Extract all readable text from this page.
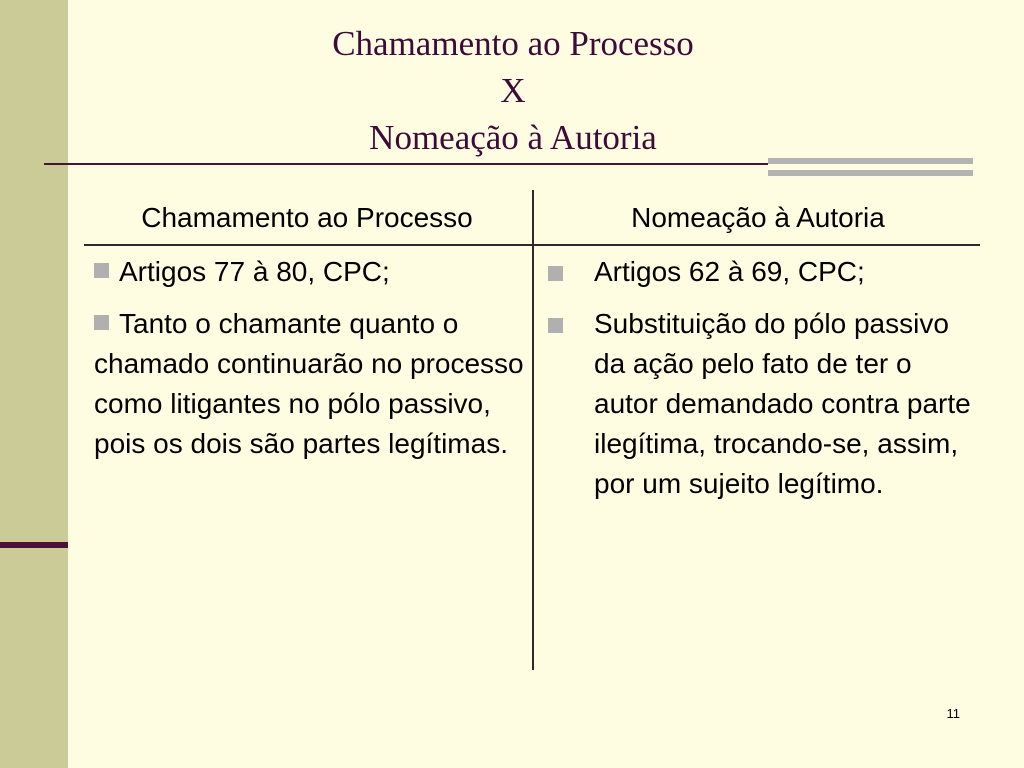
Chamamento ao Processo
X
Nomeação à Autoria
Chamamento ao Processo	Nomeação à Autoria

Artigos 77 à 80, CPC;

Tanto o chamante quanto o chamado continuarão no processo como litigantes no pólo passivo, pois os dois são partes legítimas.

Artigos 62 à 69, CPC;
Substituição do pólo passivo da ação pelo fato de ter o autor demandado contra parte ilegítima, trocando-se, assim, por um sujeito legítimo.
11
